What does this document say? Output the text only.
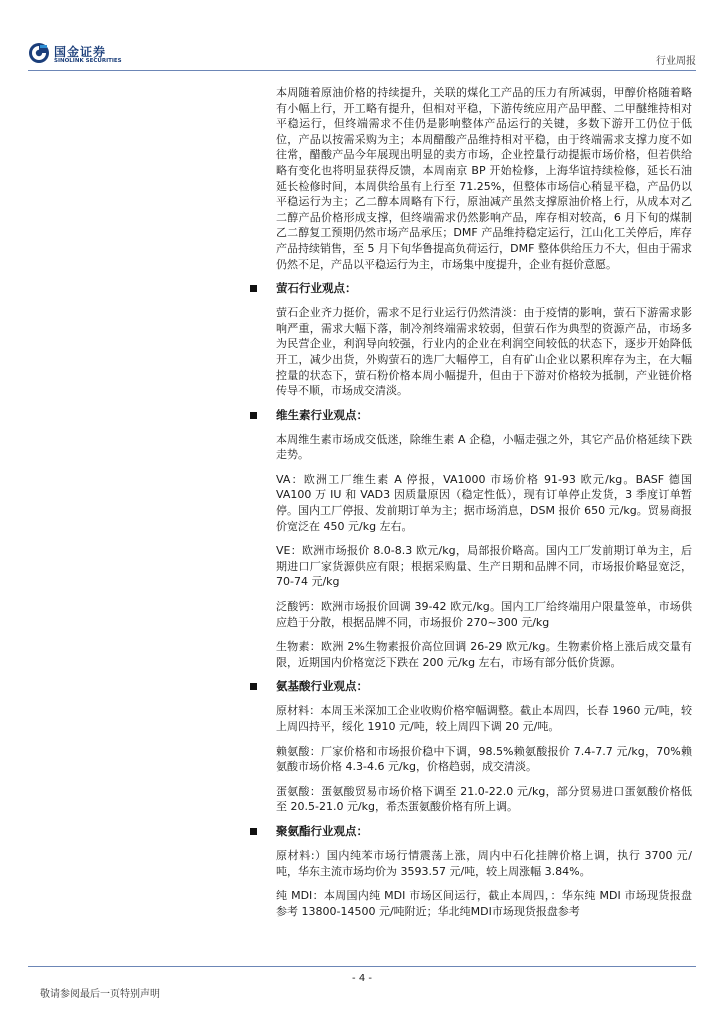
国金证券
SINOLINK SECURITIES	行业周报

本周随着原油价格的持续提升，关联的煤化工产品的压力有所减弱，甲醇价格随着略有小幅上行，开工略有提升，但相对平稳，下游传统应用产品甲醛、二甲醚维持相对平稳运行，但终端需求不佳仍是影响整体产品运行的关键，多数下游开工仍位于低位，产品以按需采购为主；本周醋酸产品维持相对平稳，由于终端需求支撑力度不如往常，醋酸产品今年展现出明显的卖方市场，企业控量行动提振市场价格，但若供给略有变化也将明显获得反馈，本周南京 BP 开始检修，上海华谊持续检修，延长石油延长检修时间，本周供给虽有上行至 71.25%，但整体市场信心稍显平稳，产品仍以平稳运行为主；乙二醇本周略有下行，原油减产虽然支撑原油价格上行，从成本对乙二醇产品价格形成支撑，但终端需求仍然影响产品，库存相对较高，6 月下旬的煤制乙二醇复工预期仍然市场产品承压；DMF 产品维持稳定运行，江山化工关停后，库存产品持续销售，至 5 月下旬华鲁提高负荷运行，DMF 整体供给压力不大，但由于需求仍然不足，产品以平稳运行为主，市场集中度提升，企业有挺价意愿。

萤石行业观点：

萤石企业齐力挺价，需求不足行业运行仍然清淡：由于疫情的影响，萤石下游需求影响严重，需求大幅下落，制冷剂终端需求较弱，但萤石作为典型的资源产品，市场多为民营企业，利润导向较强，行业内的企业在利润空间较低的状态下，逐步开始降低开工，减少出货，外购萤石的选厂大幅停工，自有矿山企业以累积库存为主，在大幅控量的状态下，萤石粉价格本周小幅提升，但由于下游对价格较为抵制，产业链价格传导不顺，市场成交清淡。

维生素行业观点：

本周维生素市场成交低迷，除维生素 A 企稳，小幅走强之外，其它产品价格延续下跌走势。

VA：欧洲工厂维生素 A 停报，VA1000 市场价格 91-93 欧元/kg。BASF 德国 VA100 万 IU 和 VAD3 因质量原因（稳定性低），现有订单停止发货，3 季度订单暂停。国内工厂停报、发前期订单为主；据市场消息，DSM 报价 650 元/kg。贸易商报价宽泛在 450 元/kg 左右。

VE：欧洲市场报价 8.0-8.3 欧元/kg，局部报价略高。国内工厂发前期订单为主，后期进口厂家货源供应有限；根据采购量、生产日期和品牌不同，市场报价略显宽泛，70-74 元/kg

泛酸钙：欧洲市场报价回调 39-42 欧元/kg。国内工厂给终端用户限量签单，市场供应趋于分散，根据品牌不同，市场报价 270~300 元/kg

生物素：欧洲 2%生物素报价高位回调 26-29 欧元/kg。生物素价格上涨后成交量有限，近期国内价格宽泛下跌在 200 元/kg 左右，市场有部分低价货源。

氨基酸行业观点：

原材料：本周玉米深加工企业收购价格窄幅调整。截止本周四，长春 1960 元/吨，较上周四持平，绥化 1910 元/吨，较上周四下调 20 元/吨。

赖氨酸：厂家价格和市场报价稳中下调，98.5%赖氨酸报价 7.4-7.7 元/kg，70%赖氨酸市场价格 4.3-4.6 元/kg，价格趋弱，成交清淡。

蛋氨酸：蛋氨酸贸易市场价格下调至 21.0-22.0 元/kg，部分贸易进口蛋氨酸价格低至 20.5-21.0 元/kg，希杰蛋氨酸价格有所上调。

聚氨酯行业观点：

原材料:）国内纯苯市场行情震荡上涨，周内中石化挂牌价格上调，执行 3700 元/吨，华东主流市场均价为 3593.57 元/吨，较上周涨幅 3.84%。

纯 MDI：本周国内纯 MDI 市场区间运行，截止本周四，：华东纯 MDI 市场现货报盘参考 13800-14500 元/吨附近；华北纯MDI市场现货报盘参考

- 4 -
敬请参阅最后一页特别声明
